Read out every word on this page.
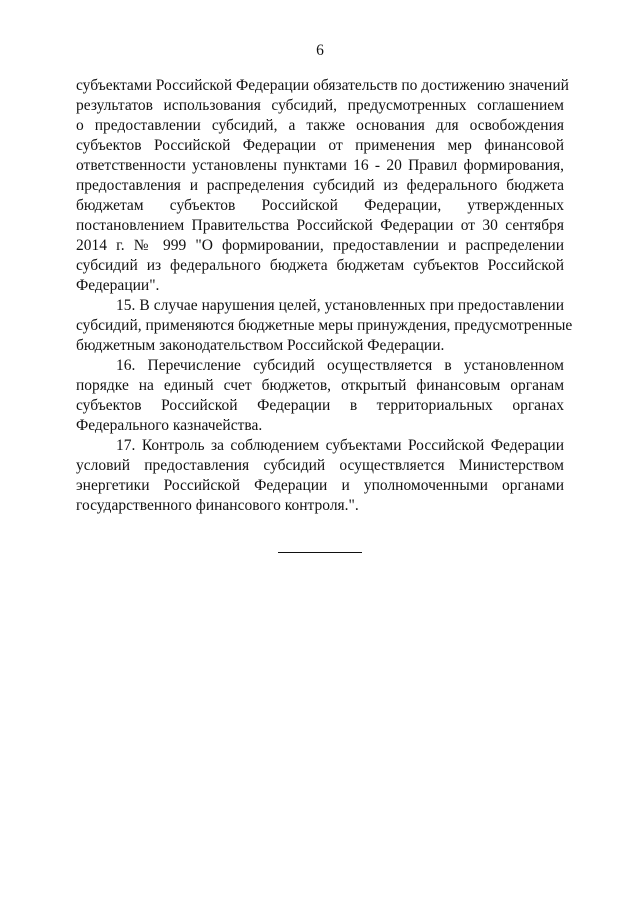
6
субъектами Российской Федерации обязательств по достижению значений
результатов использования субсидий, предусмотренных соглашением
о предоставлении субсидий, а также основания для освобождения
субъектов Российской Федерации от применения мер финансовой
ответственности установлены пунктами 16 - 20 Правил формирования,
предоставления и распределения субсидий из федерального бюджета
бюджетам субъектов Российской Федерации, утвержденных
постановлением Правительства Российской Федерации от 30 сентября
2014 г. № 999 "О формировании, предоставлении и распределении
субсидий из федерального бюджета бюджетам субъектов Российской
Федерации".
15. В случае нарушения целей, установленных при предоставлении
субсидий, применяются бюджетные меры принуждения, предусмотренные
бюджетным законодательством Российской Федерации.
16. Перечисление субсидий осуществляется в установленном
порядке на единый счет бюджетов, открытый финансовым органам
субъектов Российской Федерации в территориальных органах
Федерального казначейства.
17. Контроль за соблюдением субъектами Российской Федерации
условий предоставления субсидий осуществляется Министерством
энергетики Российской Федерации и уполномоченными органами
государственного финансового контроля.".
